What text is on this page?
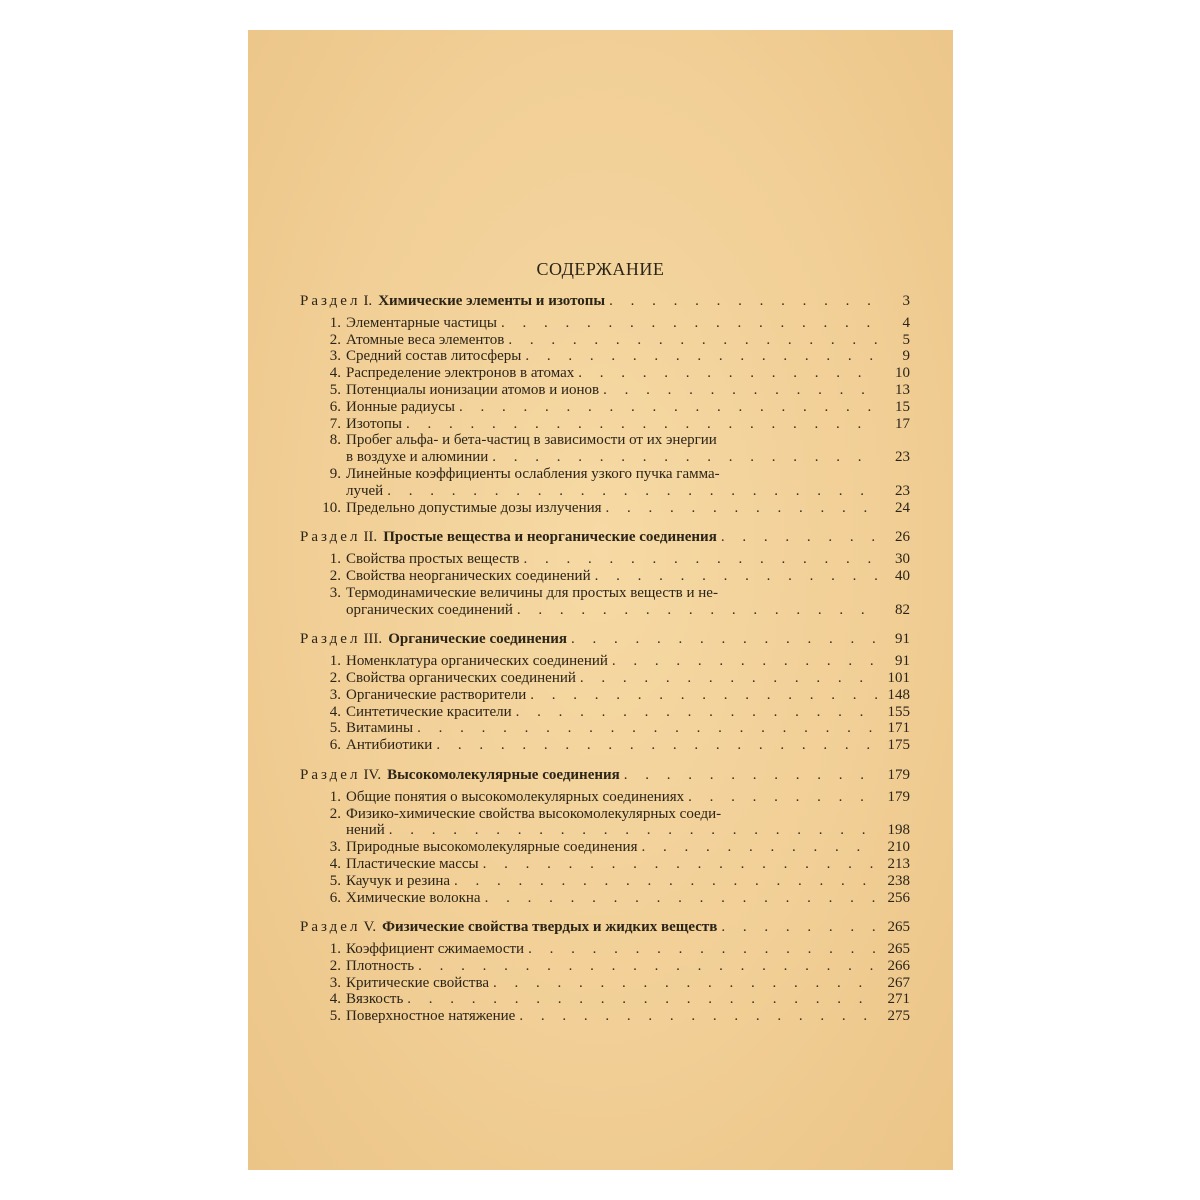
СОДЕРЖАНИЕ
Раздел I. Химические элементы и изотопы . . .	3
1. Элементарные частицы . . .	4
2. Атомные веса элементов . . .	5
3. Средний состав литосферы . . .	9
4. Распределение электронов в атомах . . .	10
5. Потенциалы ионизации атомов и ионов . . .	13
6. Ионные радиусы . . .	15
7. Изотопы . . .	17
8. Пробег альфа- и бета-частиц в зависимости от их энергии
в воздухе и алюминии . . .	23
9. Линейные коэффициенты ослабления узкого пучка гамма-
лучей . . .	23
10. Предельно допустимые дозы излучения . . .	24
Раздел II. Простые вещества и неорганические соединения . . .	26
1. Свойства простых веществ . . .	30
2. Свойства неорганических соединений . . .	40
3. Термодинамические величины для простых веществ и не-
органических соединений . . .	82
Раздел III. Органические соединения . . .	91
1. Номенклатура органических соединений . . .	91
2. Свойства органических соединений . . .	101
3. Органические растворители . . .	148
4. Синтетические красители . . .	155
5. Витамины . . .	171
6. Антибиотики . . .	175
Раздел IV. Высокомолекулярные соединения . . .	179
1. Общие понятия о высокомолекулярных соединениях . . .	179
2. Физико-химические свойства высокомолекулярных соеди-
нений . . .	198
3. Природные высокомолекулярные соединения . . .	210
4. Пластические массы . . .	213
5. Каучук и резина . . .	238
6. Химические волокна . . .	256
Раздел V. Физические свойства твердых и жидких веществ . . .	265
1. Коэффициент сжимаемости . . .	265
2. Плотность . . .	266
3. Критические свойства . . .	267
4. Вязкость . . .	271
5. Поверхностное натяжение . . .	275
